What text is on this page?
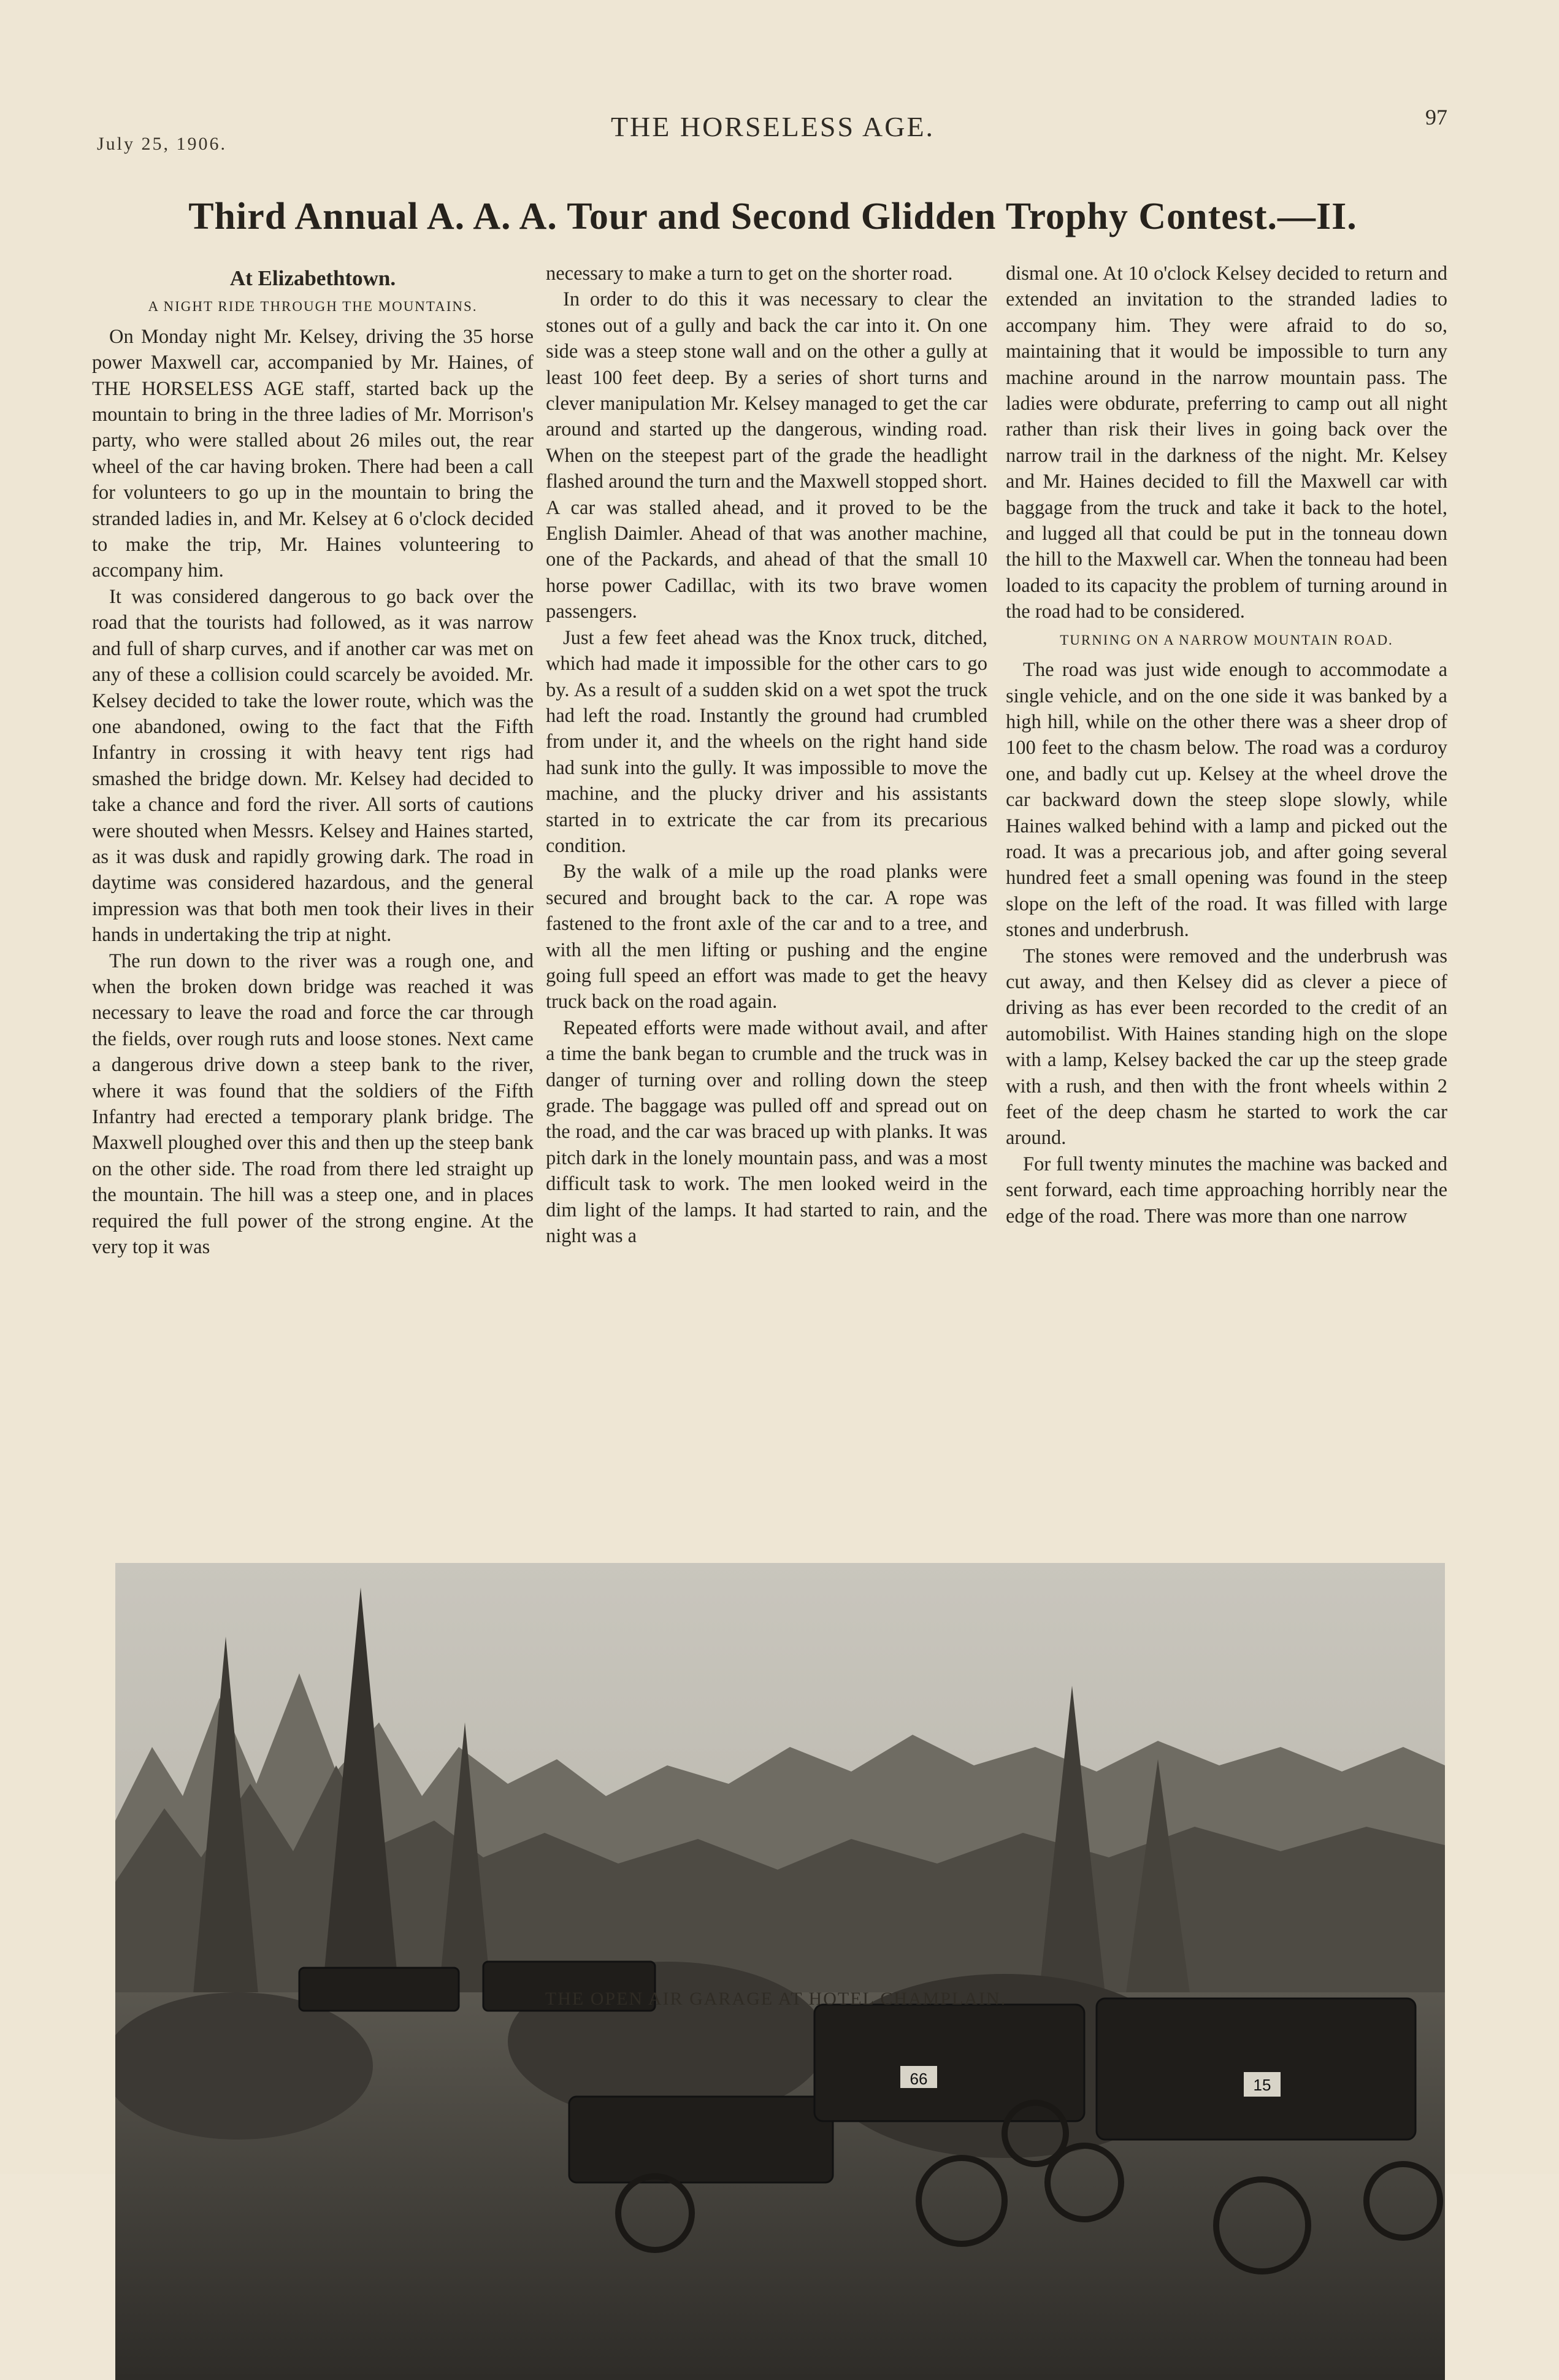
July 25, 1906.
THE HORSELESS AGE.	97
Third Annual A. A. A. Tour and Second Glidden Trophy Contest.—II.
At Elizabethtown.
A NIGHT RIDE THROUGH THE MOUNTAINS.

On Monday night Mr. Kelsey, driving the 35 horse power Maxwell car, accompanied by Mr. Haines, of THE HORSELESS AGE staff, started back up the mountain to bring in the three ladies of Mr. Morrison's party, who were stalled about 26 miles out, the rear wheel of the car having broken. There had been a call for volunteers to go up in the mountain to bring the stranded ladies in, and Mr. Kelsey at 6 o'clock decided to make the trip, Mr. Haines volunteering to accompany him.

It was considered dangerous to go back over the road that the tourists had followed, as it was narrow and full of sharp curves, and if another car was met on any of these a collision could scarcely be avoided. Mr. Kelsey decided to take the lower route, which was the one abandoned, owing to the fact that the Fifth Infantry in crossing it with heavy tent rigs had smashed the bridge down. Mr. Kelsey had decided to take a chance and ford the river. All sorts of cautions were shouted when Messrs. Kelsey and Haines started, as it was dusk and rapidly growing dark. The road in daytime was considered hazardous, and the general impression was that both men took their lives in their hands in undertaking the trip at night.

The run down to the river was a rough one, and when the broken down bridge was reached it was necessary to leave the road and force the car through the fields, over rough ruts and loose stones. Next came a dangerous drive down a steep bank to the river, where it was found that the soldiers of the Fifth Infantry had erected a temporary plank bridge. The Maxwell ploughed over this and then up the steep bank on the other side. The road from there led straight up the mountain. The hill was a steep one, and in places required the full power of the strong engine. At the very top it was

necessary to make a turn to get on the shorter road.

In order to do this it was necessary to clear the stones out of a gully and back the car into it. On one side was a steep stone wall and on the other a gully at least 100 feet deep. By a series of short turns and clever manipulation Mr. Kelsey managed to get the car around and started up the dangerous, winding road. When on the steepest part of the grade the headlight flashed around the turn and the Maxwell stopped short. A car was stalled ahead, and it proved to be the English Daimler. Ahead of that was another machine, one of the Packards, and ahead of that the small 10 horse power Cadillac, with its two brave women passengers.

Just a few feet ahead was the Knox truck, ditched, which had made it impossible for the other cars to go by. As a result of a sudden skid on a wet spot the truck had left the road. Instantly the ground had crumbled from under it, and the wheels on the right hand side had sunk into the gully. It was impossible to move the machine, and the plucky driver and his assistants started in to extricate the car from its precarious condition.

By the walk of a mile up the road planks were secured and brought back to the car. A rope was fastened to the front axle of the car and to a tree, and with all the men lifting or pushing and the engine going full speed an effort was made to get the heavy truck back on the road again.

Repeated efforts were made without avail, and after a time the bank began to crumble and the truck was in danger of turning over and rolling down the steep grade. The baggage was pulled off and spread out on the road, and the car was braced up with planks. It was pitch dark in the lonely mountain pass, and was a most difficult task to work. The men looked weird in the dim light of the lamps. It had started to rain, and the night was a

dismal one. At 10 o'clock Kelsey decided to return and extended an invitation to the stranded ladies to accompany him. They were afraid to do so, maintaining that it would be impossible to turn any machine around in the narrow mountain pass. The ladies were obdurate, preferring to camp out all night rather than risk their lives in going back over the narrow trail in the darkness of the night. Mr. Kelsey and Mr. Haines decided to fill the Maxwell car with baggage from the truck and take it back to the hotel, and lugged all that could be put in the tonneau down the hill to the Maxwell car. When the tonneau had been loaded to its capacity the problem of turning around in the road had to be considered.

TURNING ON A NARROW MOUNTAIN ROAD.

The road was just wide enough to accommodate a single vehicle, and on the one side it was banked by a high hill, while on the other there was a sheer drop of 100 feet to the chasm below. The road was a corduroy one, and badly cut up. Kelsey at the wheel drove the car backward down the steep slope slowly, while Haines walked behind with a lamp and picked out the road. It was a precarious job, and after going several hundred feet a small opening was found in the steep slope on the left of the road. It was filled with large stones and underbrush.

The stones were removed and the underbrush was cut away, and then Kelsey did as clever a piece of driving as has ever been recorded to the credit of an automobilist. With Haines standing high on the slope with a lamp, Kelsey backed the car up the steep grade with a rush, and then with the front wheels within 2 feet of the deep chasm he started to work the car around.

For full twenty minutes the machine was backed and sent forward, each time approaching horribly near the edge of the road. There was more than one narrow

66	15
THE OPEN AIR GARAGE AT HOTEL CHAMPLAIN.
